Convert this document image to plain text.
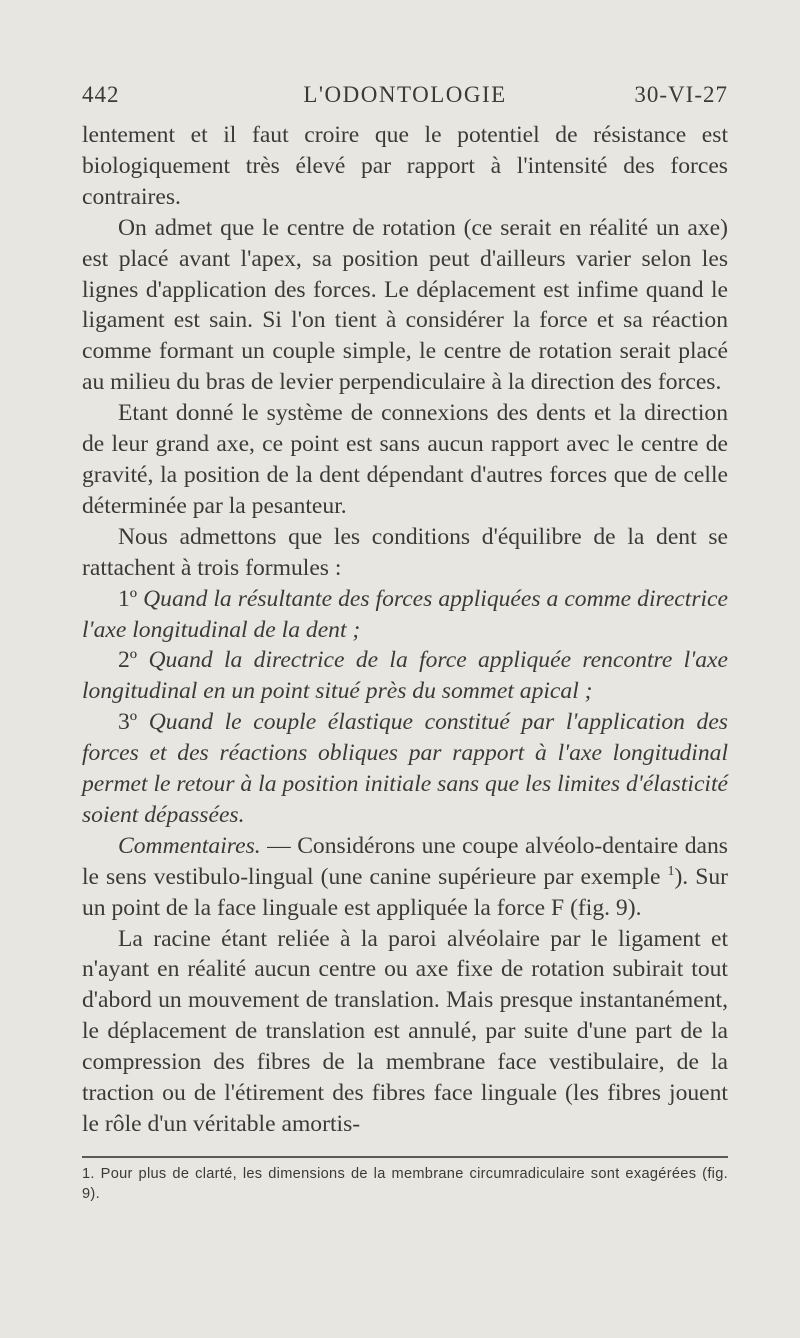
442	L'ODONTOLOGIE	30-VI-27

lentement et il faut croire que le potentiel de résistance est biologiquement très élevé par rapport à l'intensité des forces contraires.

On admet que le centre de rotation (ce serait en réalité un axe) est placé avant l'apex, sa position peut d'ailleurs varier selon les lignes d'application des forces. Le déplacement est infime quand le ligament est sain. Si l'on tient à considérer la force et sa réaction comme formant un couple simple, le centre de rotation serait placé au milieu du bras de levier perpendiculaire à la direction des forces.

Etant donné le système de connexions des dents et la direction de leur grand axe, ce point est sans aucun rapport avec le centre de gravité, la position de la dent dépendant d'autres forces que de celle déterminée par la pesanteur.

Nous admettons que les conditions d'équilibre de la dent se rattachent à trois formules :

1º Quand la résultante des forces appliquées a comme directrice l'axe longitudinal de la dent ;

2º Quand la directrice de la force appliquée rencontre l'axe longitudinal en un point situé près du sommet apical ;

3º Quand le couple élastique constitué par l'application des forces et des réactions obliques par rapport à l'axe longitudinal permet le retour à la position initiale sans que les limites d'élasticité soient dépassées.

Commentaires. — Considérons une coupe alvéolo-dentaire dans le sens vestibulo-lingual (une canine supérieure par exemple $^1$). Sur un point de la face linguale est appliquée la force F (fig. 9).

La racine étant reliée à la paroi alvéolaire par le ligament et n'ayant en réalité aucun centre ou axe fixe de rotation subirait tout d'abord un mouvement de translation. Mais presque instantanément, le déplacement de translation est annulé, par suite d'une part de la compression des fibres de la membrane face vestibulaire, de la traction ou de l'étirement des fibres face linguale (les fibres jouent le rôle d'un véritable amortis-

1. Pour plus de clarté, les dimensions de la membrane circumradiculaire sont exagérées (fig. 9).
